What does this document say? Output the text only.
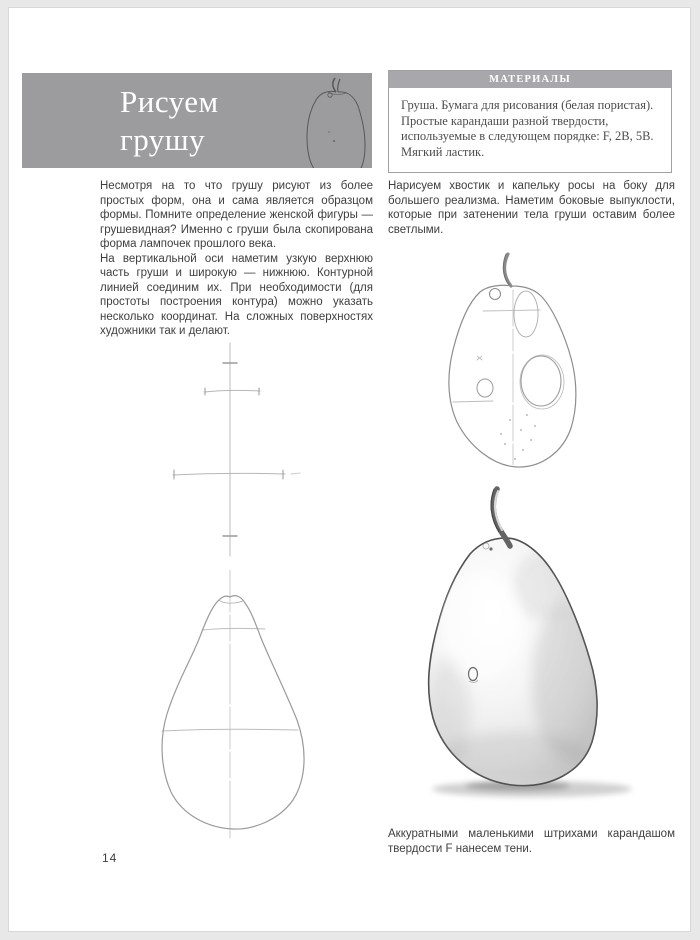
Рисуем
грушу
МАТЕРИАЛЫ
Груша. Бумага для рисования (белая пористая). Простые карандаши разной твердости, используемые в следующем порядке: F, 2B, 5B. Мягкий ластик.

Несмотря на то что грушу рисуют из более простых форм, она и сама является образцом формы. Помните определение женской фигуры — грушевидная? Именно с груши была скопирована форма лампочек прошлого века.

На вертикальной оси наметим узкую верхнюю часть груши и широкую — нижнюю. Контурной линией соединим их. При необходимости (для простоты построения контура) можно указать несколько координат. На сложных поверхностях художники так и делают.

Нарисуем хвостик и капельку росы на боку для большего реализма. Наметим боковые выпуклости, которые при затенении тела груши оставим более светлыми.

Аккуратными маленькими штрихами карандашом твердости F нанесем тени.

14
